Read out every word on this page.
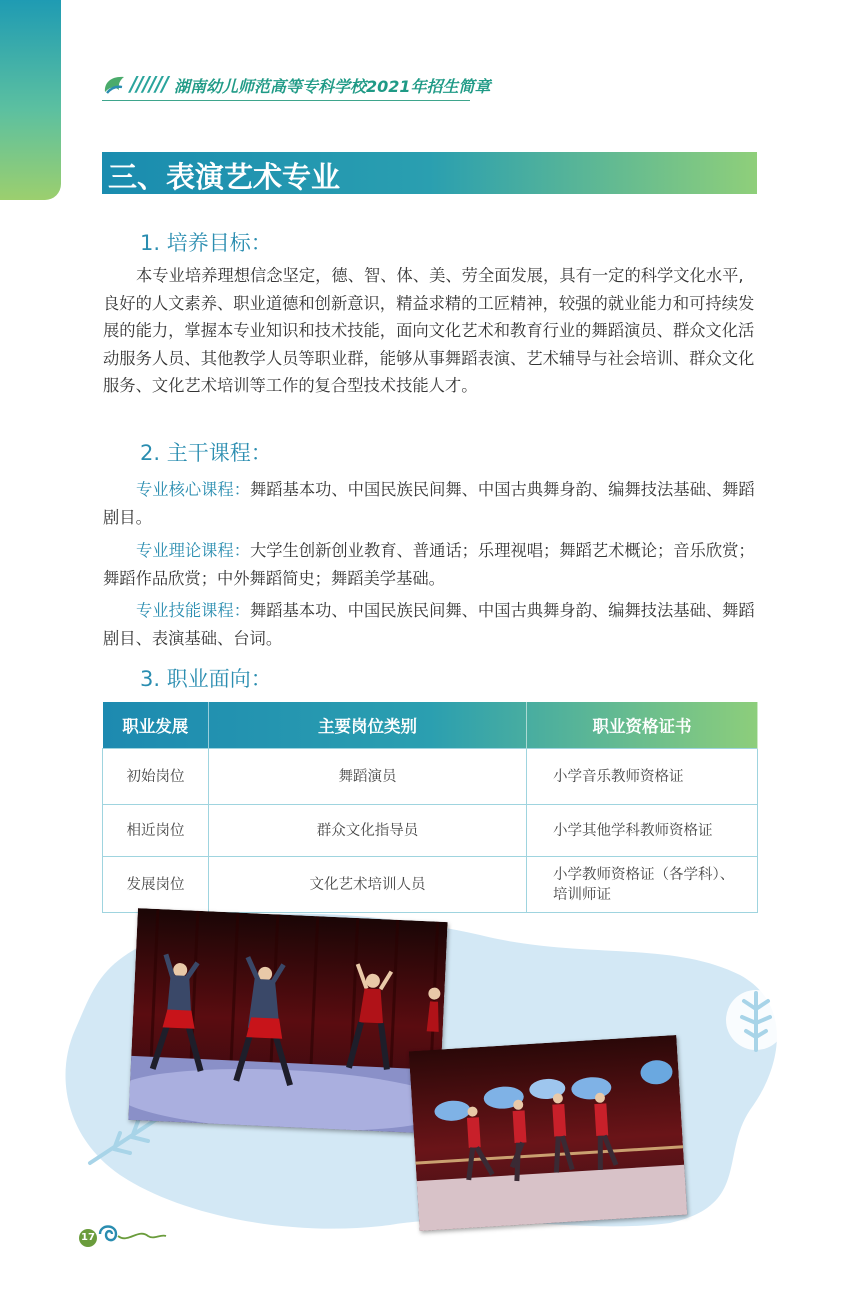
////// 湖南幼儿师范高等专科学校2021年招生简章
三、表演艺术专业
1. 培养目标：

本专业培养理想信念坚定，德、智、体、美、劳全面发展，具有一定的科学文化水平,良好的人文素养、职业道德和创新意识，精益求精的工匠精神，较强的就业能力和可持续发展的能力，掌握本专业知识和技术技能，面向文化艺术和教育行业的舞蹈演员、群众文化活动服务人员、其他教学人员等职业群，能够从事舞蹈表演、艺术辅导与社会培训、群众文化服务、文化艺术培训等工作的复合型技术技能人才。

2. 主干课程：

专业核心课程：舞蹈基本功、中国民族民间舞、中国古典舞身韵、编舞技法基础、舞蹈剧目。

专业理论课程：大学生创新创业教育、普通话；乐理视唱；舞蹈艺术概论；音乐欣赏；舞蹈作品欣赏；中外舞蹈简史；舞蹈美学基础。

专业技能课程：舞蹈基本功、中国民族民间舞、中国古典舞身韵、编舞技法基础、舞蹈剧目、表演基础、台词。

3. 职业面向：
职业发展	主要岗位类别	职业资格证书
初始岗位	舞蹈演员	小学音乐教师资格证
相近岗位	群众文化指导员	小学其他学科教师资格证
发展岗位	文化艺术培训人员	小学教师资格证（各学科）、培训师证
17
